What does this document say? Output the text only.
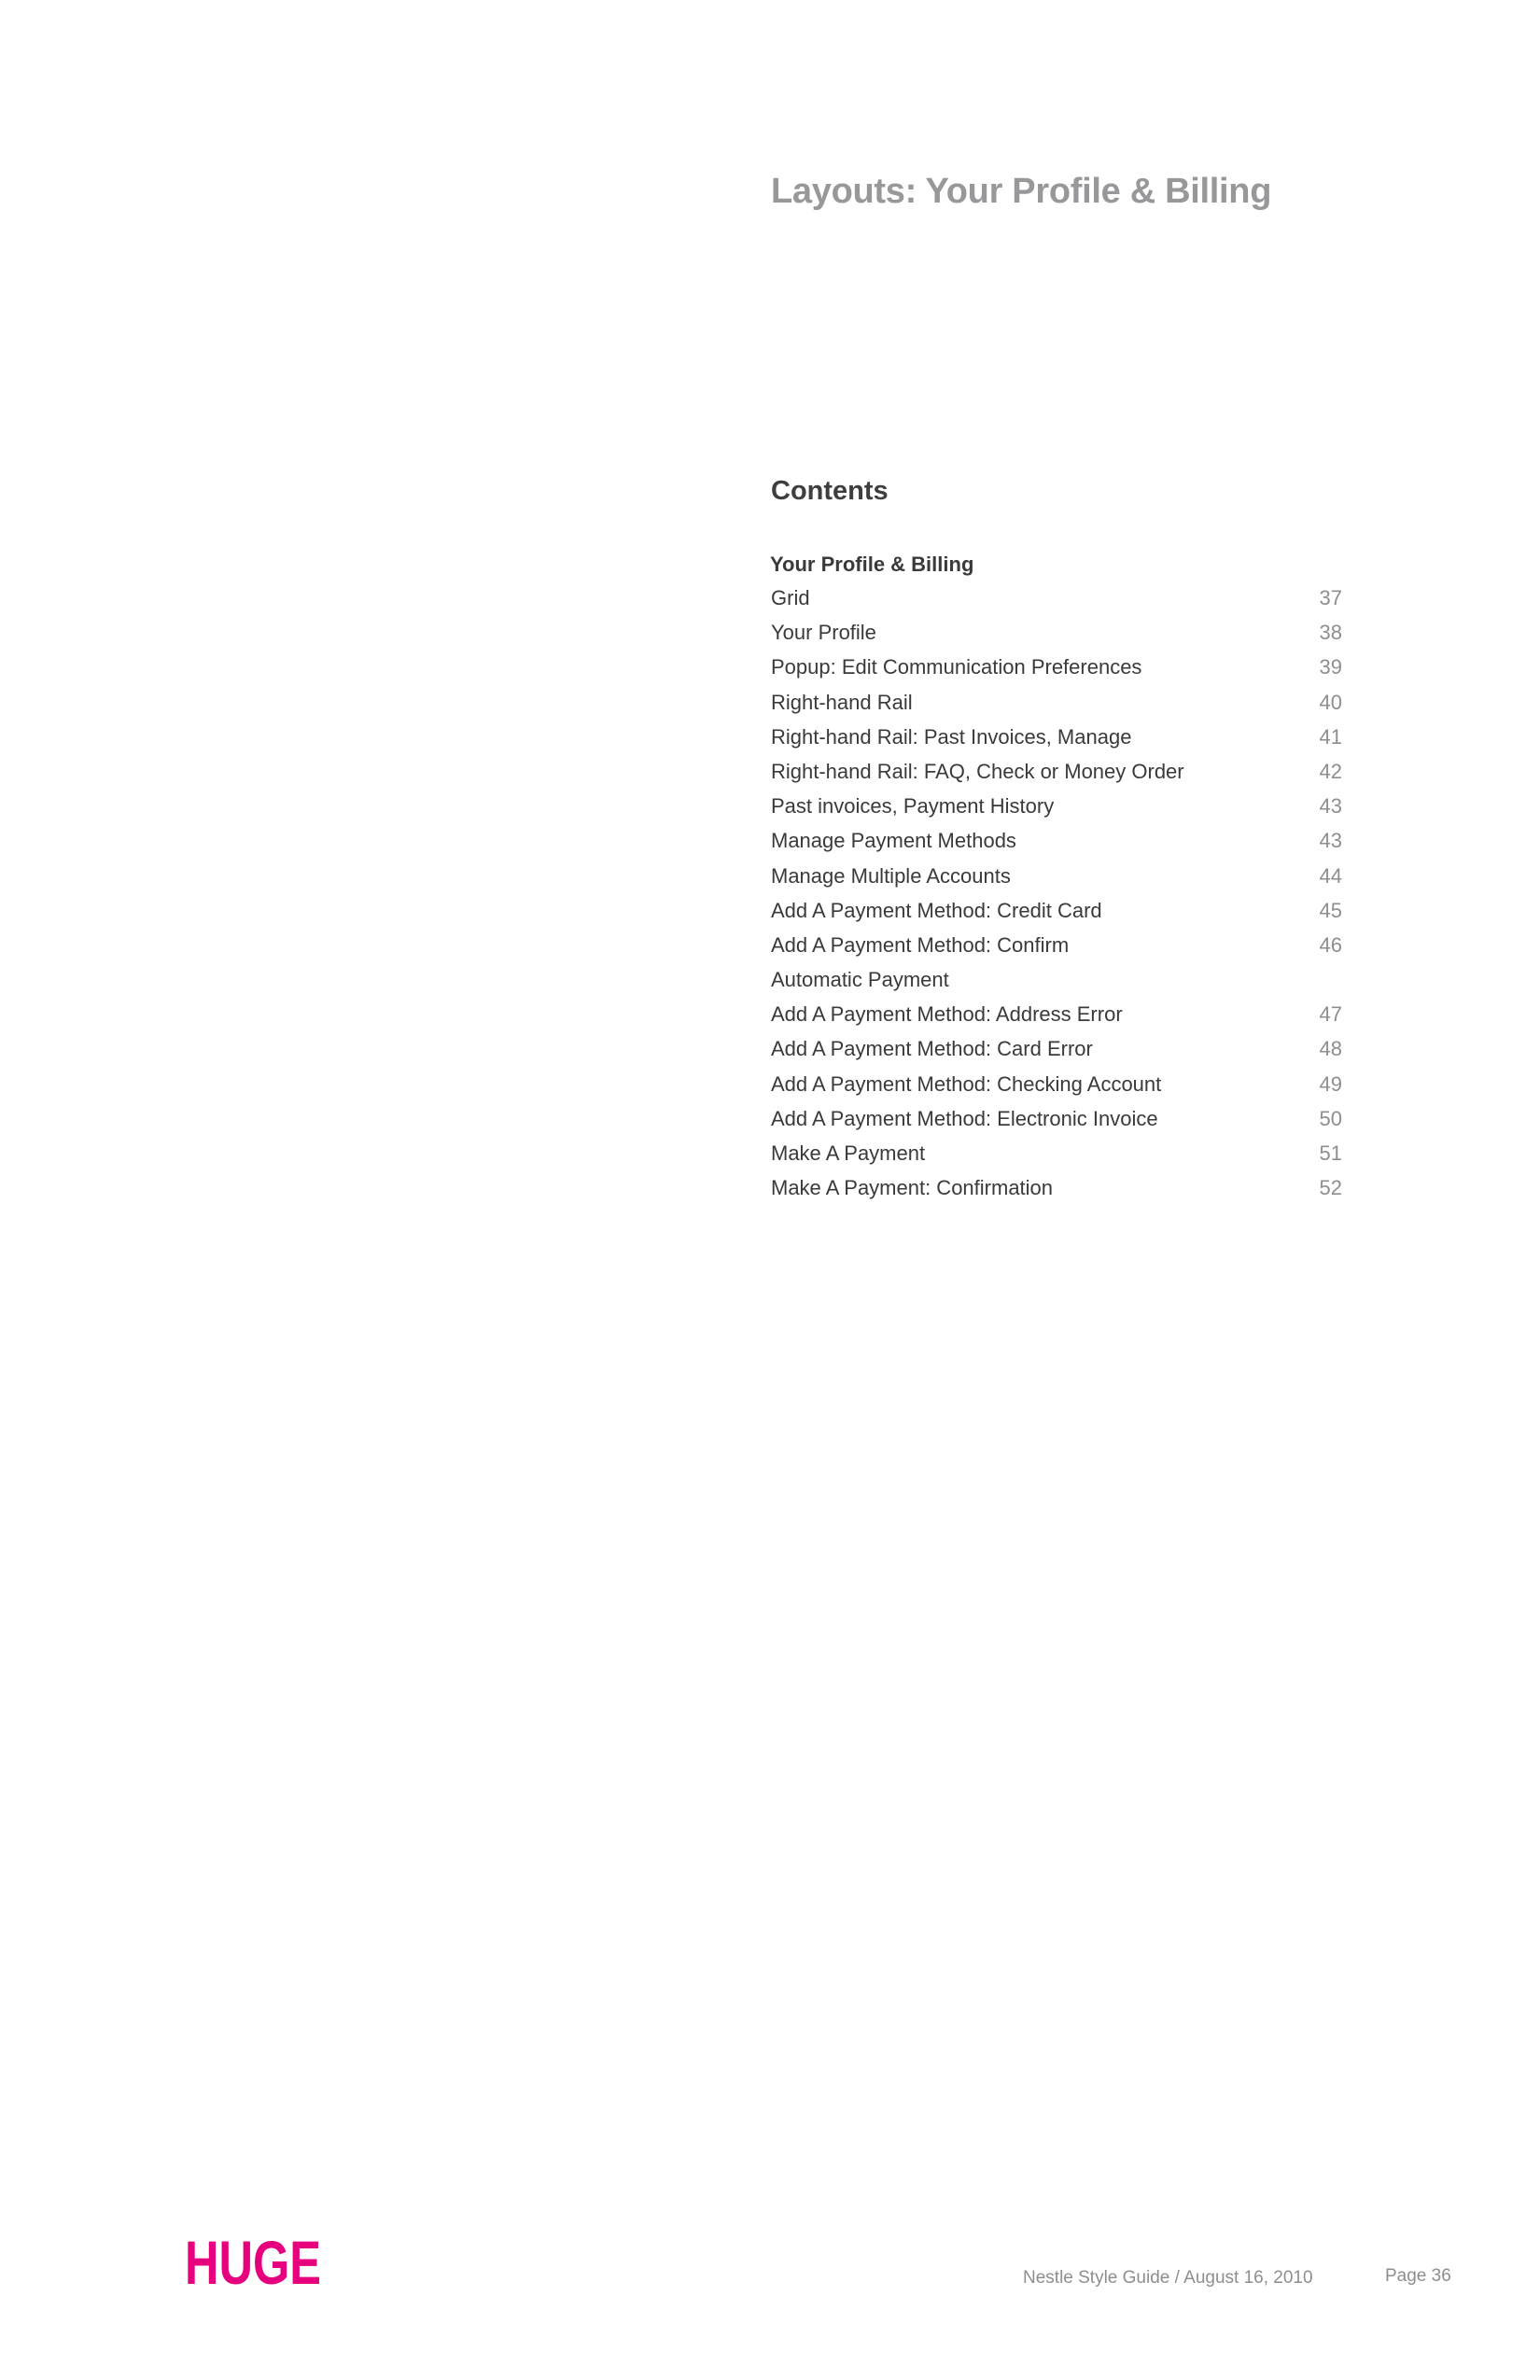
Layouts: Your Profile & Billing
Contents
Your Profile & Billing
Grid	37
Your Profile	38
Popup: Edit Communication Preferences	39
Right-hand Rail	40
Right-hand Rail: Past Invoices, Manage	41
Right-hand Rail: FAQ, Check or Money Order	42
Past invoices, Payment History	43
Manage Payment Methods	43
Manage Multiple Accounts	44
Add A Payment Method: Credit Card	45
Add A Payment Method: Confirm	46
Automatic Payment
Add A Payment Method: Address Error	47
Add A Payment Method: Card Error	48
Add A Payment Method: Checking Account	49
Add A Payment Method: Electronic Invoice	50
Make A Payment	51
Make A Payment: Confirmation	52
HUGE	Nestle Style Guide / August 16, 2010	Page 36
